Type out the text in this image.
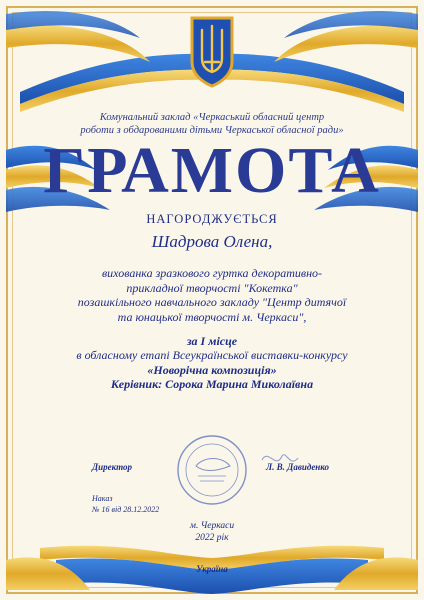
Комунальний заклад «Черкаський обласний центр
роботи з обдарованими дітьми Черкаської обласної ради»
ГРАМОТА
НАГОРОДЖУЄТЬСЯ
Шадрова Олена,
вихованка зразкового гуртка декоративно-
прикладної творчості "Кокетка"
позашкільного навчального закладу "Центр дитячої
та юнацької творчості м. Черкаси",
за І місце
в обласному етапі Всеукраїнської виставки-конкурсу
«Новорічна композиція»
Керівник: Сорока Марина Миколаївна
Директор	Л. В. Давиденко
Наказ
№ 16 від 28.12.2022
м. Черкаси
2022 рік
Україна
